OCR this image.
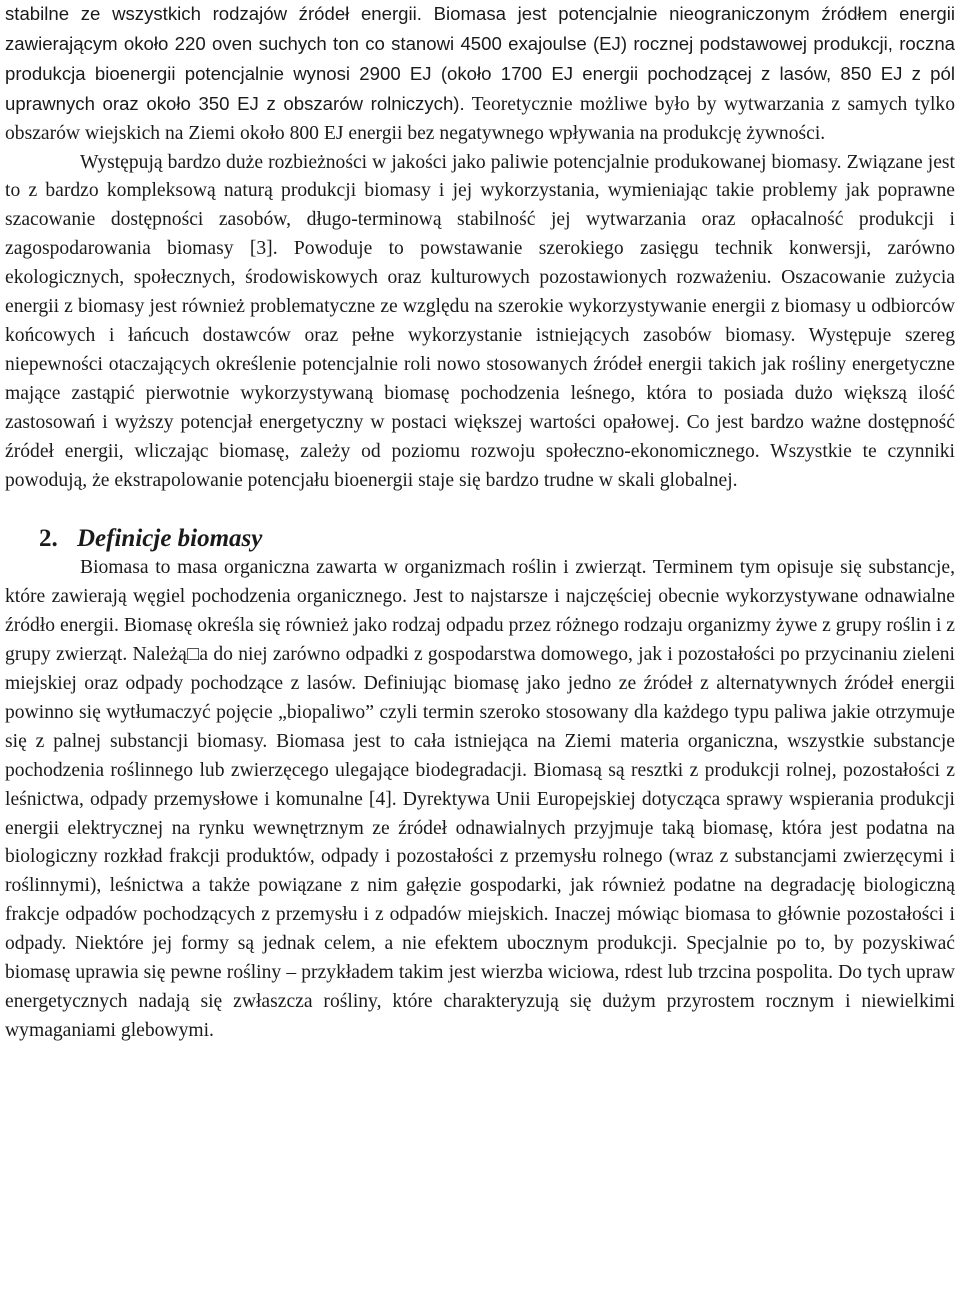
stabilne ze wszystkich rodzajów źródeł energii. Biomasa jest potencjalnie nieograniczonym źródłem energii zawierającym około 220 oven suchych ton co stanowi 4500 exajoulse (EJ) rocznej podstawowej produkcji, roczna produkcja bioenergii potencjalnie wynosi 2900 EJ (około 1700 EJ energii pochodzącej z lasów, 850 EJ z pól uprawnych oraz około 350 EJ z obszarów rolniczych). Teoretycznie możliwe było by wytwarzania z samych tylko obszarów wiejskich na Ziemi około 800 EJ energii bez negatywnego wpływania na produkcję żywności.

Występują bardzo duże rozbieżności w jakości jako paliwie potencjalnie produkowanej biomasy. Związane jest to z bardzo kompleksową naturą produkcji biomasy i jej wykorzystania, wymieniając takie problemy jak poprawne szacowanie dostępności zasobów, długo-terminową stabilność jej wytwarzania oraz opłacalność produkcji i zagospodarowania biomasy [3]. Powoduje to powstawanie szerokiego zasięgu technik konwersji, zarówno ekologicznych, społecznych, środowiskowych oraz kulturowych pozostawionych rozważeniu. Oszacowanie zużycia energii z biomasy jest również problematyczne ze względu na szerokie wykorzystywanie energii z biomasy u odbiorców końcowych i łańcuch dostawców oraz pełne wykorzystanie istniejących zasobów biomasy. Występuje szereg niepewności otaczających określenie potencjalnie roli nowo stosowanych źródeł energii takich jak rośliny energetyczne mające zastąpić pierwotnie wykorzystywaną biomasę pochodzenia leśnego, która to posiada dużo większą ilość zastosowań i wyższy potencjał energetyczny w postaci większej wartości opałowej. Co jest bardzo ważne dostępność źródeł energii, wliczając biomasę, zależy od poziomu rozwoju społeczno-ekonomicznego. Wszystkie te czynniki powodują, że ekstrapolowanie potencjału bioenergii staje się bardzo trudne w skali globalnej.

2. Definicje biomasy

Biomasa to masa organiczna zawarta w organizmach roślin i zwierząt. Terminem tym opisuje się substancje, które zawierają węgiel pochodzenia organicznego. Jest to najstarsze i najczęściej obecnie wykorzystywane odnawialne źródło energii. Biomasę określa się również jako rodzaj odpadu przez różnego rodzaju organizmy żywe z grupy roślin i z grupy zwierząt. Należą□a do niej zarówno odpadki z gospodarstwa domowego, jak i pozostałości po przycinaniu zieleni miejskiej oraz odpady pochodzące z lasów. Definiując biomasę jako jedno ze źródeł z alternatywnych źródeł energii powinno się wytłumaczyć pojęcie „biopaliwo” czyli termin szeroko stosowany dla każdego typu paliwa jakie otrzymuje się z palnej substancji biomasy. Biomasa jest to cała istniejąca na Ziemi materia organiczna, wszystkie substancje pochodzenia roślinnego lub zwierzęcego ulegające biodegradacji. Biomasą są resztki z produkcji rolnej, pozostałości z leśnictwa, odpady przemysłowe i komunalne [4]. Dyrektywa Unii Europejskiej dotycząca sprawy wspierania produkcji energii elektrycznej na rynku wewnętrznym ze źródeł odnawialnych przyjmuje taką biomasę, która jest podatna na biologiczny rozkład frakcji produktów, odpady i pozostałości z przemysłu rolnego (wraz z substancjami zwierzęcymi i roślinnymi), leśnictwa a także powiązane z nim gałęzie gospodarki, jak również podatne na degradację biologiczną frakcje odpadów pochodzących z przemysłu i z odpadów miejskich. Inaczej mówiąc biomasa to głównie pozostałości i odpady. Niektóre jej formy są jednak celem, a nie efektem ubocznym produkcji. Specjalnie po to, by pozyskiwać biomasę uprawia się pewne rośliny – przykładem takim jest wierzba wiciowa, rdest lub trzcina pospolita. Do tych upraw energetycznych nadają się zwłaszcza rośliny, które charakteryzują się dużym przyrostem rocznym i niewielkimi wymaganiami glebowymi.
